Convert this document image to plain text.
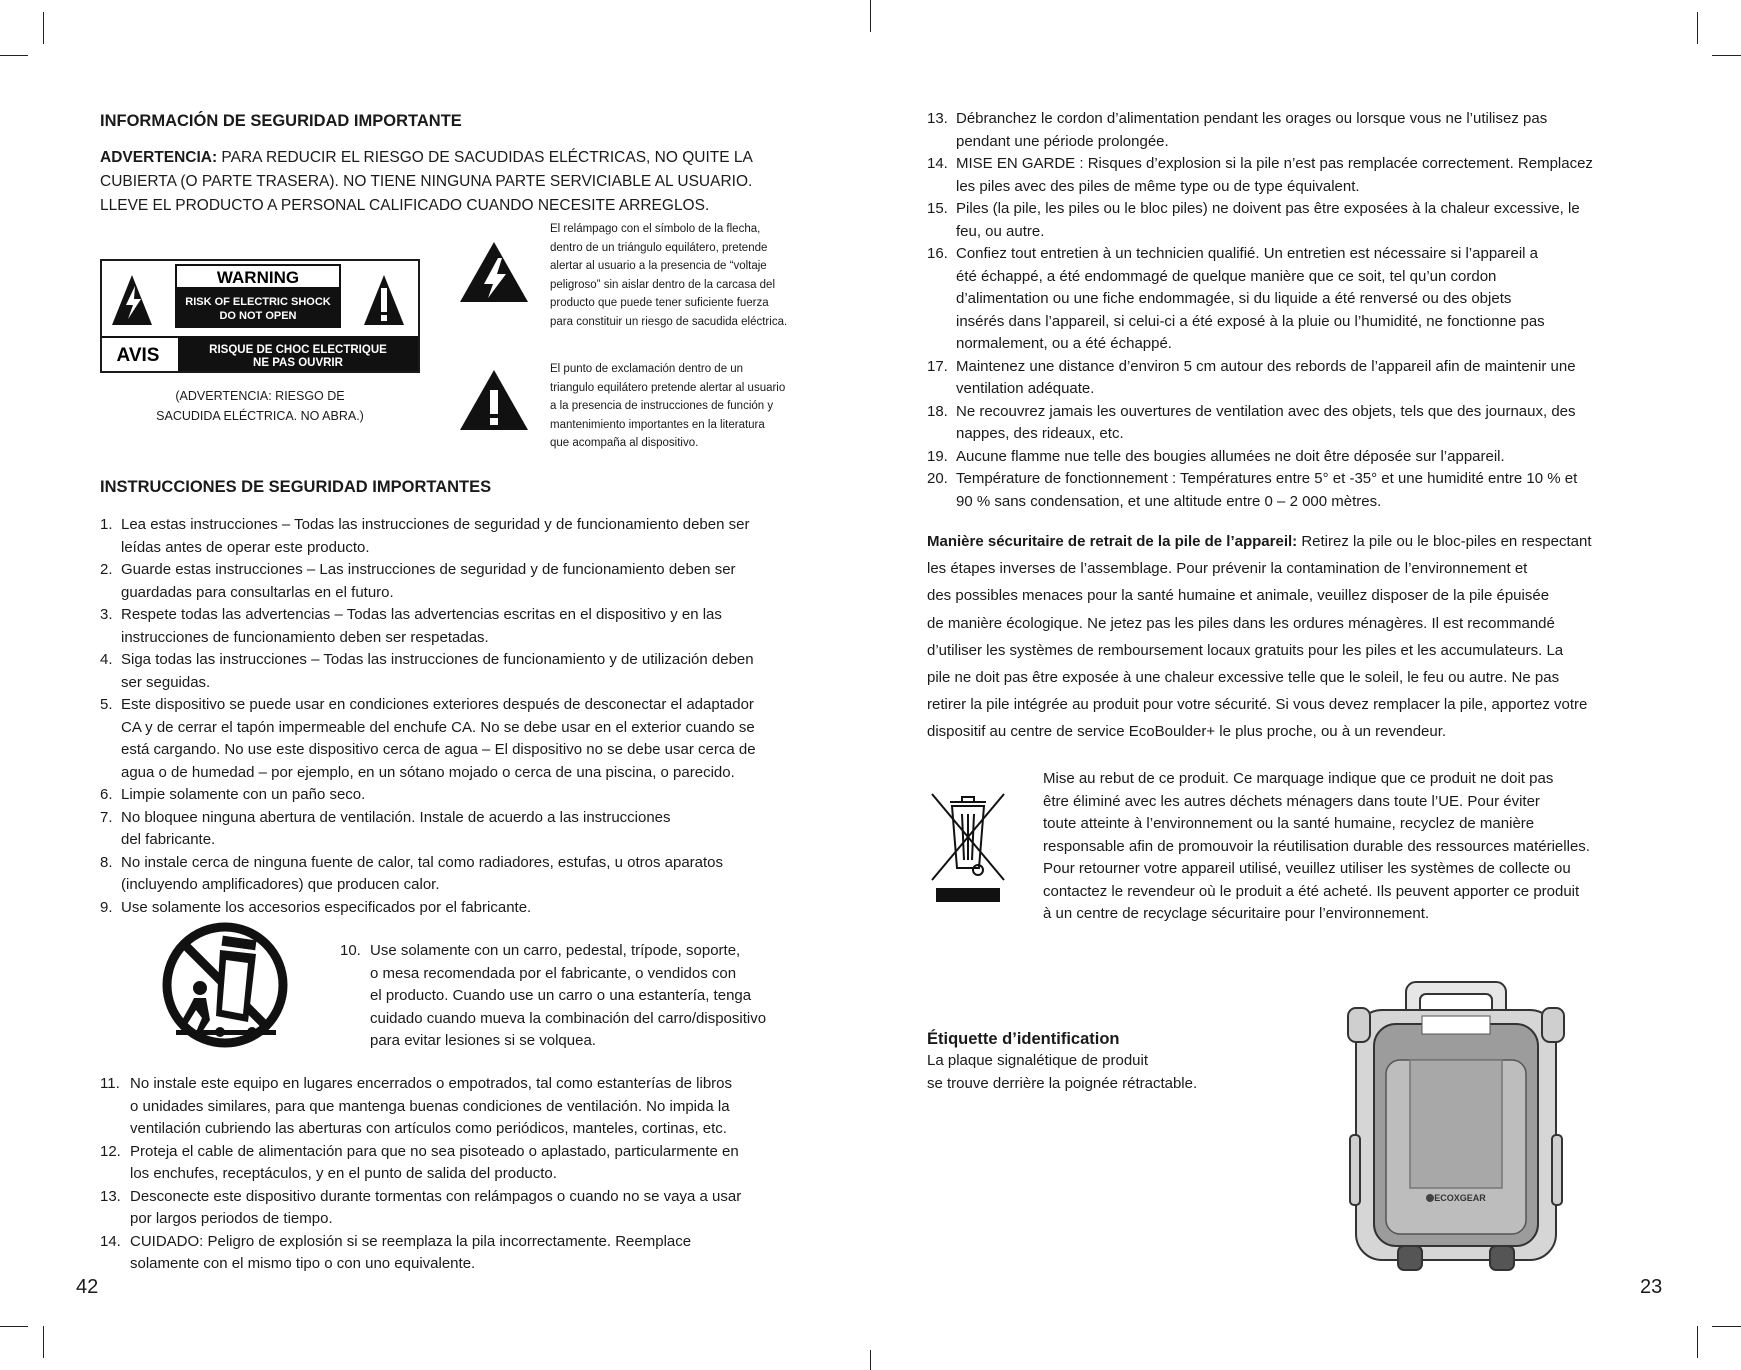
INFORMACIÓN DE SEGURIDAD IMPORTANTE
ADVERTENCIA: PARA REDUCIR EL RIESGO DE SACUDIDAS ELÉCTRICAS, NO QUITE LA
CUBIERTA (O PARTE TRASERA). NO TIENE NINGUNA PARTE SERVICIABLE AL USUARIO.
LLEVE EL PRODUCTO A PERSONAL CALIFICADO CUANDO NECESITE ARREGLOS.
WARNING
RISK OF ELECTRIC SHOCK
DO NOT OPEN
AVIS	RISQUE DE CHOC ELECTRIQUE
NE PAS OUVRIR
(ADVERTENCIA: RIESGO DE
SACUDIDA ELÉCTRICA. NO ABRA.)
El relámpago con el símbolo de la flecha,
dentro de un triángulo equilátero, pretende
alertar al usuario a la presencia de “voltaje
peligroso” sin aislar dentro de la carcasa del
producto que puede tener suficiente fuerza
para constituir un riesgo de sacudida eléctrica.
El punto de exclamación dentro de un
triangulo equilátero pretende alertar al usuario
a la presencia de instrucciones de función y
mantenimiento importantes en la literatura
que acompaña al dispositivo.
INSTRUCCIONES DE SEGURIDAD IMPORTANTES
1. Lea estas instrucciones – Todas las instrucciones de seguridad y de funcionamiento deben ser
leídas antes de operar este producto.
2. Guarde estas instrucciones – Las instrucciones de seguridad y de funcionamiento deben ser
guardadas para consultarlas en el futuro.
3. Respete todas las advertencias – Todas las advertencias escritas en el dispositivo y en las
instrucciones de funcionamiento deben ser respetadas.
4. Siga todas las instrucciones – Todas las instrucciones de funcionamiento y de utilización deben
ser seguidas.
5. Este dispositivo se puede usar en condiciones exteriores después de desconectar el adaptador
CA y de cerrar el tapón impermeable del enchufe CA. No se debe usar en el exterior cuando se
está cargando. No use este dispositivo cerca de agua – El dispositivo no se debe usar cerca de
agua o de humedad – por ejemplo, en un sótano mojado o cerca de una piscina, o parecido.
6. Limpie solamente con un paño seco.
7. No bloquee ninguna abertura de ventilación. Instale de acuerdo a las instrucciones
del fabricante.
8. No instale cerca de ninguna fuente de calor, tal como radiadores, estufas, u otros aparatos
(incluyendo amplificadores) que producen calor.
9. Use solamente los accesorios especificados por el fabricante.
10. Use solamente con un carro, pedestal, trípode, soporte,
o mesa recomendada por el fabricante, o vendidos con
el producto. Cuando use un carro o una estantería, tenga
cuidado cuando mueva la combinación del carro/dispositivo
para evitar lesiones si se volquea.
11. No instale este equipo en lugares encerrados o empotrados, tal como estanterías de libros
o unidades similares, para que mantenga buenas condiciones de ventilación. No impida la
ventilación cubriendo las aberturas con artículos como periódicos, manteles, cortinas, etc.
12. Proteja el cable de alimentación para que no sea pisoteado o aplastado, particularmente en
los enchufes, receptáculos, y en el punto de salida del producto.
13. Desconecte este dispositivo durante tormentas con relámpagos o cuando no se vaya a usar
por largos periodos de tiempo.
14. CUIDADO: Peligro de explosión si se reemplaza la pila incorrectamente. Reemplace
solamente con el mismo tipo o con uno equivalente.
42
13. Débranchez le cordon d’alimentation pendant les orages ou lorsque vous ne l’utilisez pas
pendant une période prolongée.
14. MISE EN GARDE : Risques d’explosion si la pile n’est pas remplacée correctement. Remplacez
les piles avec des piles de même type ou de type équivalent.
15. Piles (la pile, les piles ou le bloc piles) ne doivent pas être exposées à la chaleur excessive, le
feu, ou autre.
16. Confiez tout entretien à un technicien qualifié. Un entretien est nécessaire si l’appareil a
été échappé, a été endommagé de quelque manière que ce soit, tel qu’un cordon
d’alimentation ou une fiche endommagée, si du liquide a été renversé ou des objets
insérés dans l’appareil, si celui-ci a été exposé à la pluie ou l’humidité, ne fonctionne pas
normalement, ou a été échappé.
17. Maintenez une distance d’environ 5 cm autour des rebords de l’appareil afin de maintenir une
ventilation adéquate.
18. Ne recouvrez jamais les ouvertures de ventilation avec des objets, tels que des journaux, des
nappes, des rideaux, etc.
19. Aucune flamme nue telle des bougies allumées ne doit être déposée sur l’appareil.
20. Température de fonctionnement : Températures entre 5° et -35° et une humidité entre 10 % et
90 % sans condensation, et une altitude entre 0 – 2 000 mètres.
Manière sécuritaire de retrait de la pile de l’appareil: Retirez la pile ou le bloc-piles en respectant
les étapes inverses de l’assemblage. Pour prévenir la contamination de l’environnement et
des possibles menaces pour la santé humaine et animale, veuillez disposer de la pile épuisée
de manière écologique. Ne jetez pas les piles dans les ordures ménagères. Il est recommandé
d’utiliser les systèmes de remboursement locaux gratuits pour les piles et les accumulateurs. La
pile ne doit pas être exposée à une chaleur excessive telle que le soleil, le feu ou autre. Ne pas
retirer la pile intégrée au produit pour votre sécurité. Si vous devez remplacer la pile, apportez votre
dispositif au centre de service EcoBoulder+ le plus proche, ou à un revendeur.
Mise au rebut de ce produit. Ce marquage indique que ce produit ne doit pas
être éliminé avec les autres déchets ménagers dans toute l’UE. Pour éviter
toute atteinte à l’environnement ou la santé humaine, recyclez de manière
responsable afin de promouvoir la réutilisation durable des ressources matérielles.
Pour retourner votre appareil utilisé, veuillez utiliser les systèmes de collecte ou
contactez le revendeur où le produit a été acheté. Ils peuvent apporter ce produit
à un centre de recyclage sécuritaire pour l’environnement.
Étiquette d’identification
La plaque signalétique de produit
se trouve derrière la poignée rétractable.
ECOXGEAR
23
